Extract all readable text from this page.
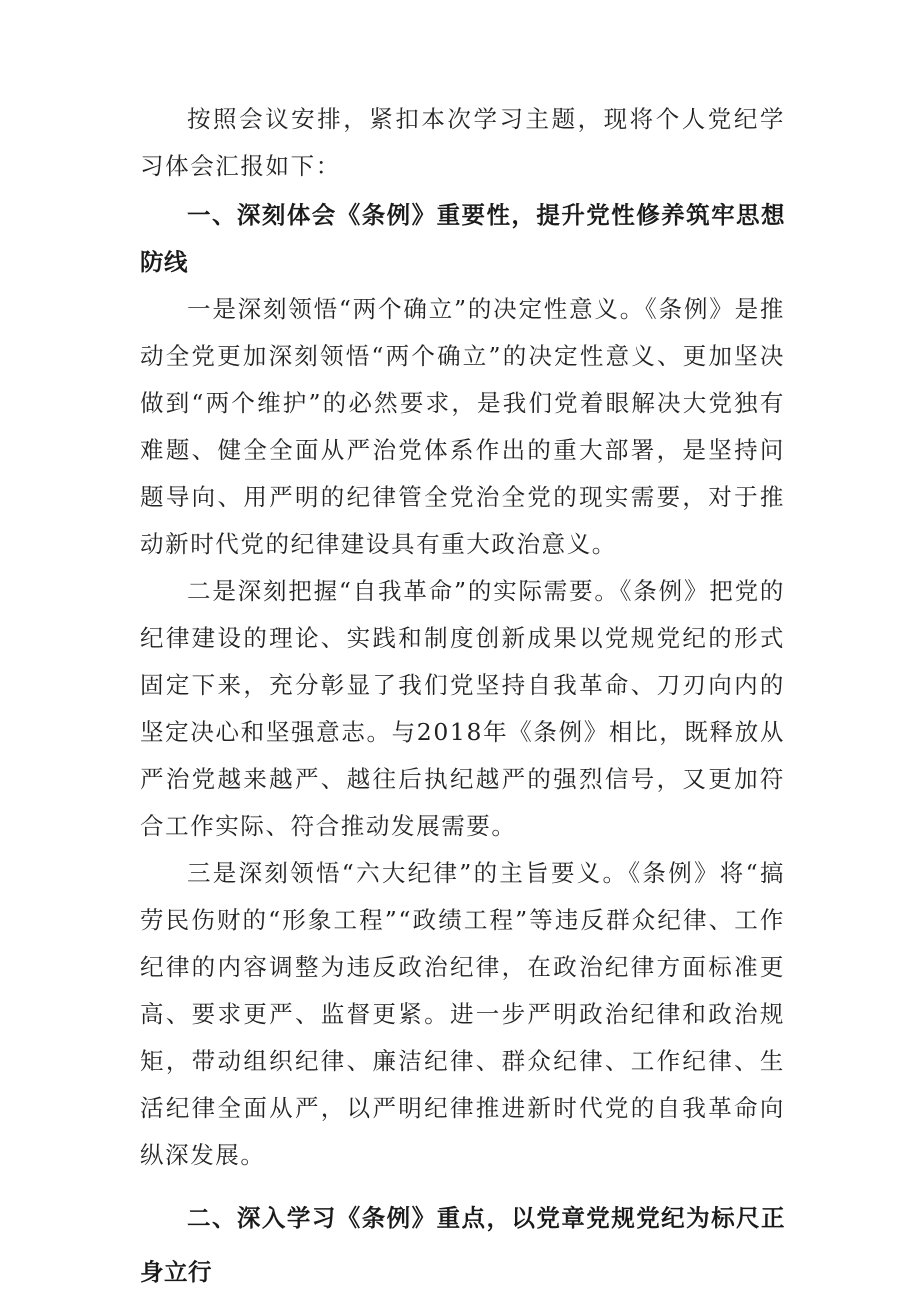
按照会议安排，紧扣本次学习主题，现将个人党纪学习体会汇报如下：

一、深刻体会《条例》重要性，提升党性修养筑牢思想防线

一是深刻领悟“两个确立”的决定性意义。《条例》是推动全党更加深刻领悟“两个确立”的决定性意义、更加坚决做到“两个维护”的必然要求，是我们党着眼解决大党独有难题、健全全面从严治党体系作出的重大部署，是坚持问题导向、用严明的纪律管全党治全党的现实需要，对于推动新时代党的纪律建设具有重大政治意义。

二是深刻把握“自我革命”的实际需要。《条例》把党的纪律建设的理论、实践和制度创新成果以党规党纪的形式固定下来，充分彰显了我们党坚持自我革命、刀刃向内的坚定决心和坚强意志。与2018年《条例》相比，既释放从严治党越来越严、越往后执纪越严的强烈信号，又更加符合工作实际、符合推动发展需要。

三是深刻领悟“六大纪律”的主旨要义。《条例》将“搞劳民伤财的“形象工程”“政绩工程”等违反群众纪律、工作纪律的内容调整为违反政治纪律，在政治纪律方面标准更高、要求更严、监督更紧。进一步严明政治纪律和政治规矩，带动组织纪律、廉洁纪律、群众纪律、工作纪律、生活纪律全面从严，以严明纪律推进新时代党的自我革命向纵深发展。

二、深入学习《条例》重点，以党章党规党纪为标尺正身立行
